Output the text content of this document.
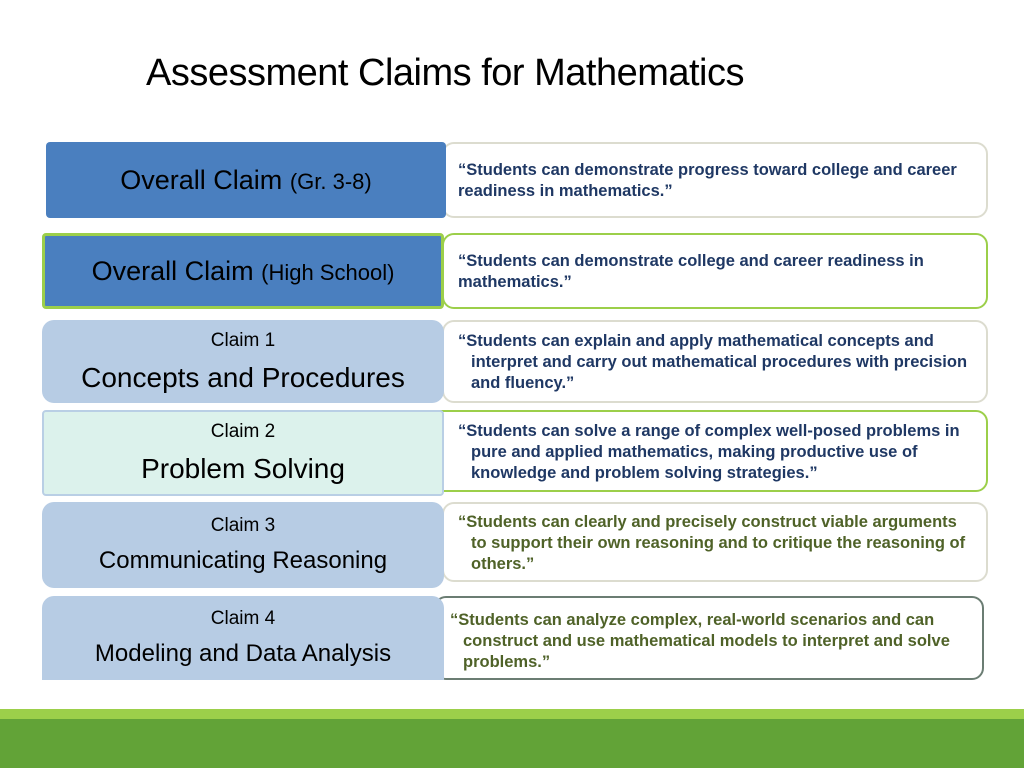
Assessment Claims for Mathematics
“Students can demonstrate progress toward college and career readiness in mathematics.”
Overall Claim (Gr. 3-8)
“Students can demonstrate college and career readiness in mathematics.”
Overall Claim (High School)
“Students can explain and apply mathematical concepts and interpret and carry out mathematical procedures with precision and fluency.”
Claim 1
Concepts and Procedures
“Students can solve a range of complex well-posed problems in pure and applied mathematics, making productive use of knowledge and problem solving strategies.”
Claim 2
Problem Solving
“Students can clearly and precisely construct viable arguments to support their own reasoning and to critique the reasoning of others.”
Claim 3
Communicating Reasoning
“Students can analyze complex, real-world scenarios and can construct and use mathematical models to interpret and solve problems.”
Claim 4
Modeling and Data Analysis
